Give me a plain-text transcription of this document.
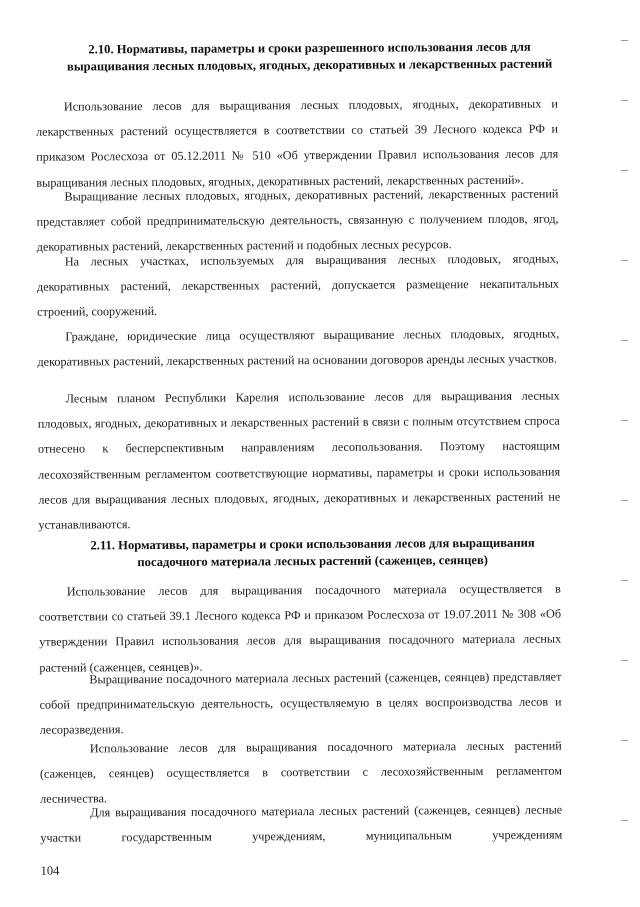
2.10. Нормативы, параметры и сроки разрешенного использования лесов для выращивания лесных плодовых, ягодных, декоративных и лекарственных растений

Использование лесов для выращивания лесных плодовых, ягодных, декоративных и лекарственных растений осуществляется в соответствии со статьей 39 Лесного кодекса РФ и приказом Рослесхоза от 05.12.2011 № 510 «Об утверждении Правил использования лесов для выращивания лесных плодовых, ягодных, декоративных растений, лекарственных растений».

Выращивание лесных плодовых, ягодных, декоративных растений, лекарственных растений представляет собой предпринимательскую деятельность, связанную с получением плодов, ягод, декоративных растений, лекарственных растений и подобных лесных ресурсов.

На лесных участках, используемых для выращивания лесных плодовых, ягодных, декоративных растений, лекарственных растений, допускается размещение некапитальных строений, сооружений.

Граждане, юридические лица осуществляют выращивание лесных плодовых, ягодных, декоративных растений, лекарственных растений на основании договоров аренды лесных участков.

Лесным планом Республики Карелия использование лесов для выращивания лесных плодовых, ягодных, декоративных и лекарственных растений в связи с полным отсутствием спроса отнесено к бесперспективным направлениям лесопользования. Поэтому настоящим лесохозяйственным регламентом соответствующие нормативы, параметры и сроки использования лесов для выращивания лесных плодовых, ягодных, декоративных и лекарственных растений не устанавливаются.

2.11. Нормативы, параметры и сроки использования лесов для выращивания посадочного материала лесных растений (саженцев, сеянцев)

Использование лесов для выращивания посадочного материала осуществляется в соответствии со статьей 39.1 Лесного кодекса РФ и приказом Рослесхоза от 19.07.2011 № 308 «Об утверждении Правил использования лесов для выращивания посадочного материала лесных растений (саженцев, сеянцев)».

Выращивание посадочного материала лесных растений (саженцев, сеянцев) представляет собой предпринимательскую деятельность, осуществляемую в целях воспроизводства лесов и лесоразведения.

Использование лесов для выращивания посадочного материала лесных растений (саженцев, сеянцев) осуществляется в соответствии с лесохозяйственным регламентом лесничества.

Для выращивания посадочного материала лесных растений (саженцев, сеянцев) лесные участки государственным учреждениям, муниципальным учреждениям

104
